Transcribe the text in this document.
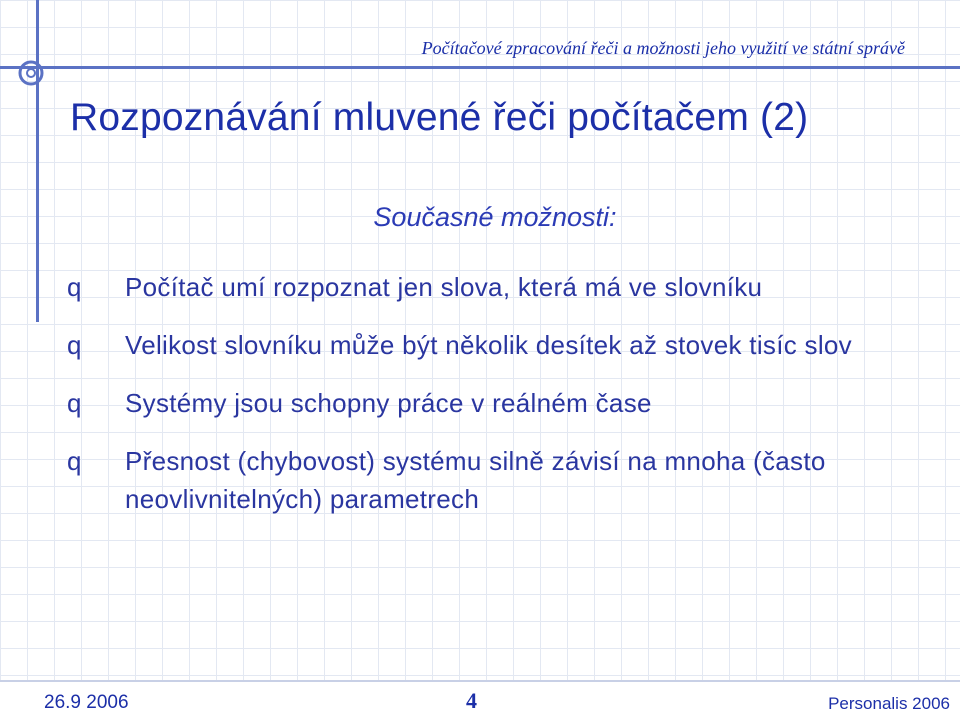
Počítačové zpracování řeči a možnosti jeho využití ve státní správě
Rozpoznávání mluvené řeči počítačem (2)
Současné možnosti:
q Počítač umí rozpoznat jen slova, která má ve slovníku
q Velikost slovníku může být několik desítek až stovek tisíc slov
q Systémy jsou schopny práce v reálném čase
q Přesnost (chybovost) systému silně závisí na mnoha (často neovlivnitelných) parametrech
26.9 2006	4	Personalis 2006
